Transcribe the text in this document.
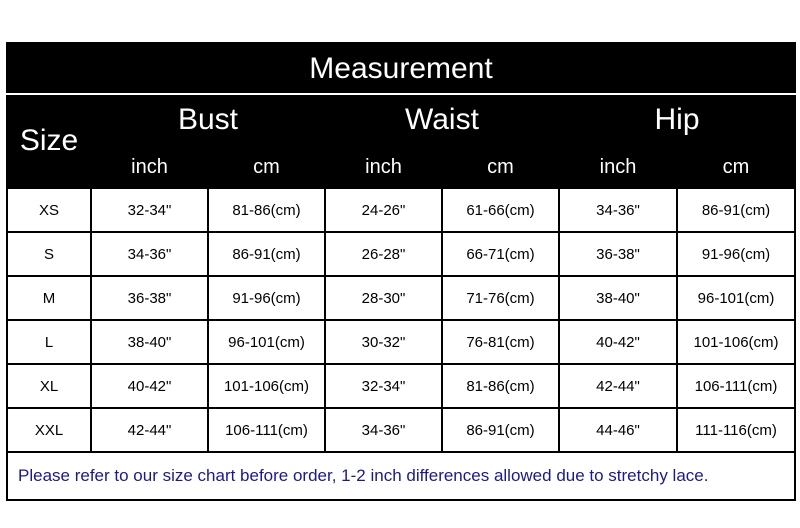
Measurement						
Size	Bust		Waist		Hip	
	inch	cm	inch	cm	inch	cm
XS	32-34"	81-86(cm)	24-26"	61-66(cm)	34-36"	86-91(cm)
S	34-36"	86-91(cm)	26-28"	66-71(cm)	36-38"	91-96(cm)
M	36-38"	91-96(cm)	28-30"	71-76(cm)	38-40"	96-101(cm)
L	38-40"	96-101(cm)	30-32"	76-81(cm)	40-42"	101-106(cm)
XL	40-42"	101-106(cm)	32-34"	81-86(cm)	42-44"	106-111(cm)
XXL	42-44"	106-111(cm)	34-36"	86-91(cm)	44-46"	111-116(cm)
Please refer to our size chart before order, 1-2 inch differences allowed due to stretchy lace.						
